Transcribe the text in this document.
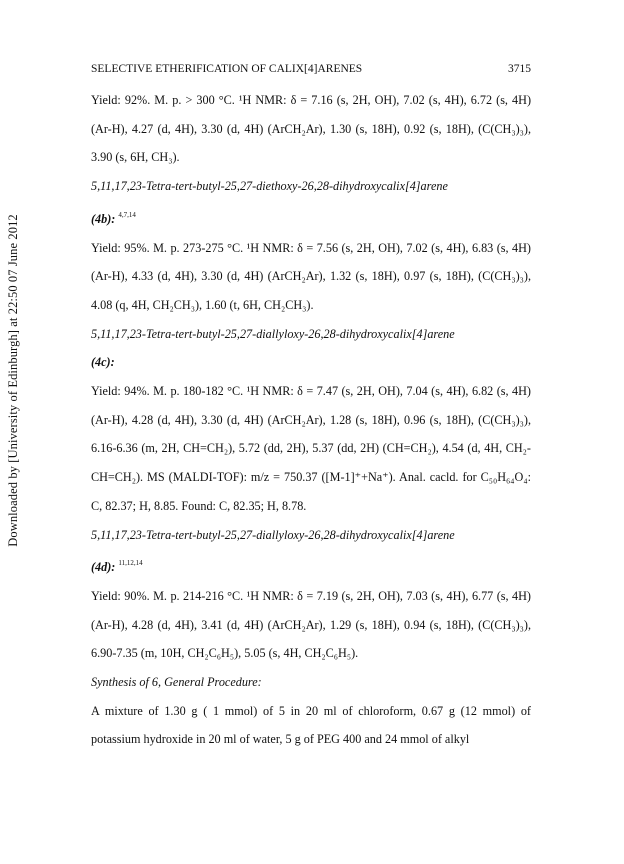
Downloaded by [University of Edinburgh] at 22:50 07 June 2012
SELECTIVE ETHERIFICATION OF CALIX[4]ARENES	3715

Yield: 92%. M. p. > 300 °C. ¹H NMR: δ = 7.16 (s, 2H, OH), 7.02 (s, 4H), 6.72 (s, 4H) (Ar-H), 4.27 (d, 4H), 3.30 (d, 4H) (ArCH₂Ar), 1.30 (s, 18H), 0.92 (s, 18H), (C(CH₃)₃), 3.90 (s, 6H, CH₃).

5,11,17,23-Tetra-tert-butyl-25,27-diethoxy-26,28-dihydroxycalix[4]arene

(4b): $^{4,7,14}$

Yield: 95%. M. p. 273-275 °C. ¹H NMR: δ = 7.56 (s, 2H, OH), 7.02 (s, 4H), 6.83 (s, 4H) (Ar-H), 4.33 (d, 4H), 3.30 (d, 4H) (ArCH₂Ar), 1.32 (s, 18H), 0.97 (s, 18H), (C(CH₃)₃), 4.08 (q, 4H, CH₂CH₃), 1.60 (t, 6H, CH₂CH₃).

5,11,17,23-Tetra-tert-butyl-25,27-diallyloxy-26,28-dihydroxycalix[4]arene

(4c):

Yield: 94%. M. p. 180-182 °C. ¹H NMR: δ = 7.47 (s, 2H, OH), 7.04 (s, 4H), 6.82 (s, 4H) (Ar-H), 4.28 (d, 4H), 3.30 (d, 4H) (ArCH₂Ar), 1.28 (s, 18H), 0.96 (s, 18H), (C(CH₃)₃), 6.16-6.36 (m, 2H, CH=CH₂), 5.72 (dd, 2H), 5.37 (dd, 2H) (CH=CH₂), 4.54 (d, 4H, CH₂-CH=CH₂). MS (MALDI-TOF): m/z = 750.37 ([M-1]⁺+Na⁺). Anal. cacld. for C₅₀H₆₄O₄: C, 82.37; H, 8.85. Found: C, 82.35; H, 8.78.

5,11,17,23-Tetra-tert-butyl-25,27-diallyloxy-26,28-dihydroxycalix[4]arene

(4d): $^{11,12,14}$

Yield: 90%. M. p. 214-216 °C. ¹H NMR: δ = 7.19 (s, 2H, OH), 7.03 (s, 4H), 6.77 (s, 4H) (Ar-H), 4.28 (d, 4H), 3.41 (d, 4H) (ArCH₂Ar), 1.29 (s, 18H), 0.94 (s, 18H), (C(CH₃)₃), 6.90-7.35 (m, 10H, CH₂C₆H₅), 5.05 (s, 4H, CH₂C₆H₅).

Synthesis of 6, General Procedure:

A mixture of 1.30 g ( 1 mmol) of 5 in 20 ml of chloroform, 0.67 g (12 mmol) of potassium hydroxide in 20 ml of water, 5 g of PEG 400 and 24 mmol of alkyl
